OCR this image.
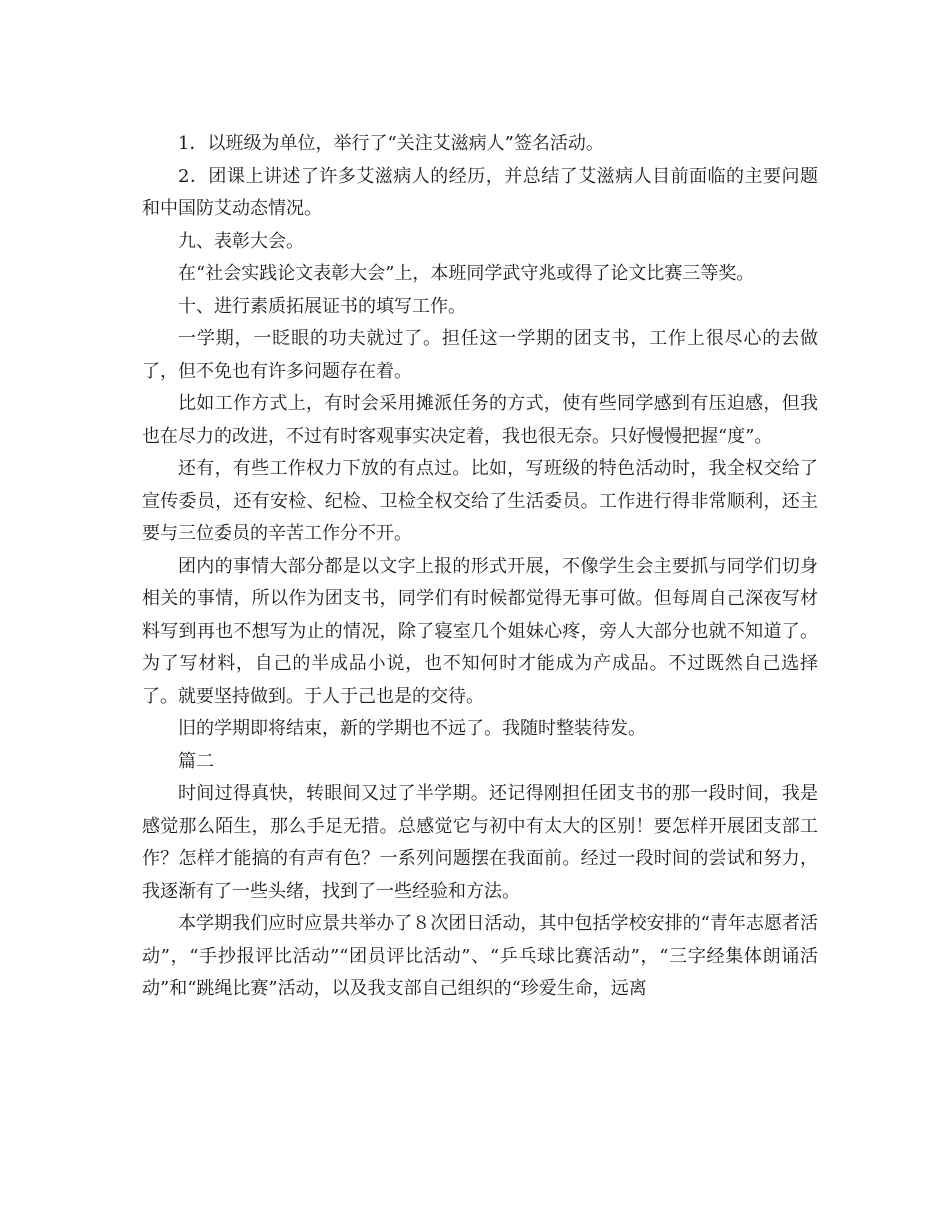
1．以班级为单位，举行了“关注艾滋病人”签名活动。

2．团课上讲述了许多艾滋病人的经历，并总结了艾滋病人目前面临的主要问题和中国防艾动态情况。

九、表彰大会。

在“社会实践论文表彰大会”上，本班同学武守兆或得了论文比赛三等奖。

十、进行素质拓展证书的填写工作。

一学期，一眨眼的功夫就过了。担任这一学期的团支书，工作上很尽心的去做了，但不免也有许多问题存在着。

比如工作方式上，有时会采用摊派任务的方式，使有些同学感到有压迫感，但我也在尽力的改进，不过有时客观事实决定着，我也很无奈。只好慢慢把握“度”。

还有，有些工作权力下放的有点过。比如，写班级的特色活动时，我全权交给了宣传委员，还有安检、纪检、卫检全权交给了生活委员。工作进行得非常顺利，还主要与三位委员的辛苦工作分不开。

团内的事情大部分都是以文字上报的形式开展，不像学生会主要抓与同学们切身相关的事情，所以作为团支书，同学们有时候都觉得无事可做。但每周自己深夜写材料写到再也不想写为止的情况，除了寝室几个姐妹心疼，旁人大部分也就不知道了。为了写材料，自己的半成品小说，也不知何时才能成为产成品。不过既然自己选择了。就要坚持做到。于人于己也是的交待。

旧的学期即将结束，新的学期也不远了。我随时整装待发。

篇二

时间过得真快，转眼间又过了半学期。还记得刚担任团支书的那一段时间，我是感觉那么陌生，那么手足无措。总感觉它与初中有太大的区别！要怎样开展团支部工作？怎样才能搞的有声有色？一系列问题摆在我面前。经过一段时间的尝试和努力，我逐渐有了一些头绪，找到了一些经验和方法。

本学期我们应时应景共举办了８次团日活动，其中包括学校安排的“青年志愿者活动”，“手抄报评比活动”“团员评比活动”、“乒乓球比赛活动”，“三字经集体朗诵活动”和“跳绳比赛”活动，以及我支部自己组织的“珍爱生命，远离
